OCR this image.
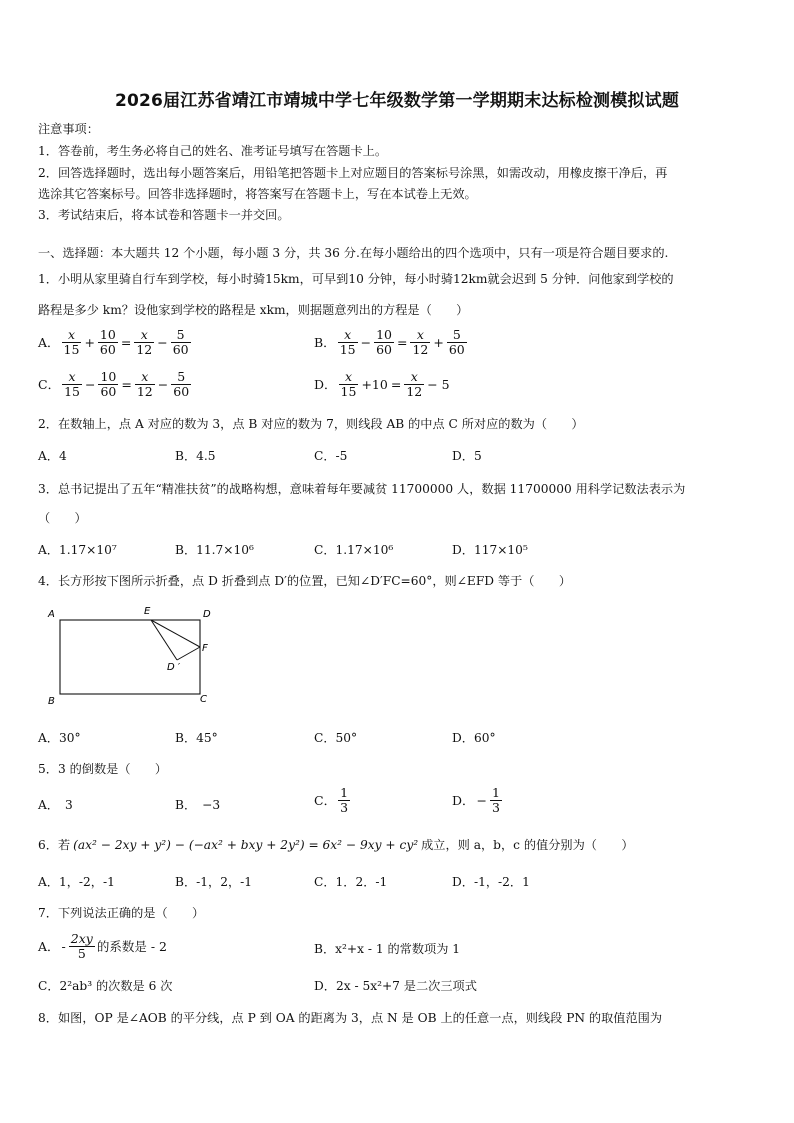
2026届江苏省靖江市靖城中学七年级数学第一学期期末达标检测模拟试题
注意事项：
1．答卷前，考生务必将自己的姓名、准考证号填写在答题卡上。
2．回答选择题时，选出每小题答案后，用铅笔把答题卡上对应题目的答案标号涂黑，如需改动，用橡皮擦干净后，再
选涂其它答案标号。回答非选择题时，将答案写在答题卡上，写在本试卷上无效。
3．考试结束后，将本试卷和答题卡一并交回。
一、选择题：本大题共 12 个小题，每小题 3 分，共 36 分.在每小题给出的四个选项中，只有一项是符合题目要求的.
1．小明从家里骑自行车到学校，每小时骑15km，可早到10 分钟，每小时骑12km就会迟到 5 分钟．问他家到学校的
路程是多少 km？设他家到学校的路程是 xkm，则据题意列出的方程是（　　）
A． $\frac{x}{15} + \frac{10}{60} = \frac{x}{12} - \frac{5}{60}$	B． $\frac{x}{15} - \frac{10}{60} = \frac{x}{12} + \frac{5}{60}$
C． $\frac{x}{15} - \frac{10}{60} = \frac{x}{12} - \frac{5}{60}$	D． $\frac{x}{15} +10 = \frac{x}{12} - 5$
2．在数轴上，点 A 对应的数为 3，点 B 对应的数为 7，则线段 AB 的中点 C 所对应的数为（　　）
A．4	B．4.5	C．-5	D．5
3．总书记提出了五年“精准扶贫”的战略构想，意味着每年要减贫 11700000 人，数据 11700000 用科学记数法表示为
（　　）
A．1.17×10⁷	B．11.7×10⁶	C．1.17×10⁶	D．117×10⁵
4．长方形按下图所示折叠，点 D 折叠到点 D′的位置，已知∠D′FC=60°，则∠EFD 等于（　　）
A	E	D
F
D ′
B	C
A．30°	B．45°	C．50°	D．60°
5．3 的倒数是（　　）
A． 3	B． −3	C． $\frac{1}{3}$	D． − $\frac{1}{3}$
6．若 (ax² − 2xy + y²) − (−ax² + bxy + 2y²) = 6x² − 9xy + cy² 成立，则 a，b，c 的值分别为（　　）
A．1，-2，-1	B．-1，2，-1	C．1．2．-1	D．-1，-2．1
7．下列说法正确的是（　　）
A． - $\frac{2xy}{5}$ 的系数是 - 2	B．x²+x - 1 的常数项为 1
C．2²ab³ 的次数是 6 次	D．2x - 5x²+7 是二次三项式
8．如图，OP 是∠AOB 的平分线，点 P 到 OA 的距离为 3，点 N 是 OB 上的任意一点，则线段 PN 的取值范围为
